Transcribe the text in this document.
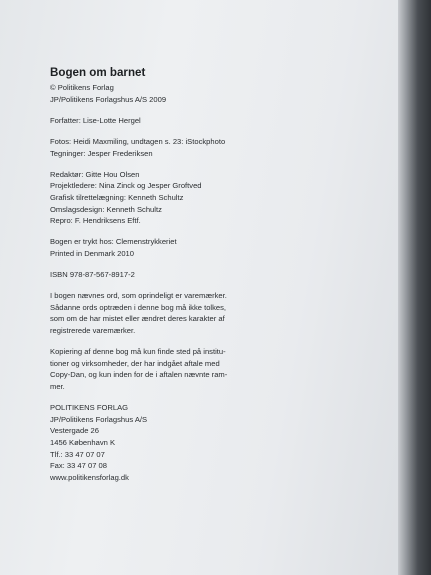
Bogen om barnet
© Politikens Forlag
JP/Politikens Forlagshus A/S 2009
Forfatter: Lise-Lotte Hergel
Fotos: Heidi Maxmiling, undtagen s. 23: iStockphoto
Tegninger: Jesper Frederiksen
Redaktør: Gitte Hou Olsen
Projektledere: Nina Zinck og Jesper Groftved
Grafisk tilrettelægning: Kenneth Schultz
Omslagsdesign: Kenneth Schultz
Repro: F. Hendriksens Eftf.
Bogen er trykt hos: Clemenstrykkeriet
Printed in Denmark 2010
ISBN 978-87-567-8917-2
I bogen nævnes ord, som oprindeligt er varemærker.
Sådanne ords optræden i denne bog må ikke tolkes,
som om de har mistet eller ændret deres karakter af
registrerede varemærker.
Kopiering af denne bog må kun finde sted på institu-
tioner og virksomheder, der har indgået aftale med
Copy-Dan, og kun inden for de i aftalen nævnte ram-
mer.
POLITIKENS FORLAG
JP/Politikens Forlagshus A/S
Vestergade 26
1456 København K
Tlf.: 33 47 07 07
Fax: 33 47 07 08
www.politikensforlag.dk
